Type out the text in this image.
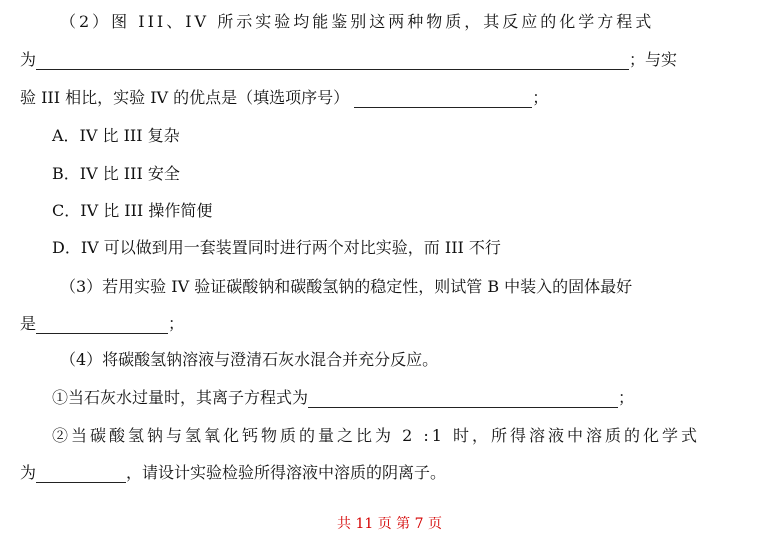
（2）图 III、IV 所示实验均能鉴别这两种物质，其反应的化学方程式
为	；与实
验 III 相比，实验 IV 的优点是（填选项序号）	；
A．IV 比 III 复杂
B．IV 比 III 安全
C．IV 比 III 操作简便
D．IV 可以做到用一套装置同时进行两个对比实验，而 III 不行
（3）若用实验 IV 验证碳酸钠和碳酸氢钠的稳定性，则试管 B 中装入的固体最好
是	；
（4）将碳酸氢钠溶液与澄清石灰水混合并充分反应。
①当石灰水过量时，其离子方程式为	；
②当碳酸氢钠与氢氧化钙物质的量之比为 2 :1 时，所得溶液中溶质的化学式
为	，请设计实验检验所得溶液中溶质的阴离子。
共 11 页 第 7 页
